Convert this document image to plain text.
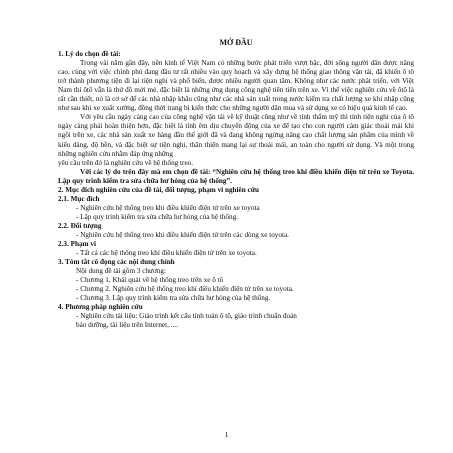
MỞ ĐẦU

1. Lý do chọn đề tài:

Trong vài năm gần đây, nền kinh tế Việt Nam có những bước phát triển vượt bậc, đời sống người dân được nâng cao, cùng với việc chính phủ đang đầu tư rất nhiều vào quy hoạch và xây dựng hệ thống giao thông vận tải, đã khiến ô tô trở thành phương tiện đi lại tiện nghi và phổ biến, được nhiều người quan tâm. Không như các nước phát triển, với Việt Nam thì ôtô vẫn là thứ đồ mới mẻ, đặc biệt là những ứng dụng công nghệ tiên tiến trên xe. Vì thế việc nghiên cứu về ôtô là rất cần thiết, nó là cơ sở để các nhà nhập khẩu cũng như các nhà sản xuất trong nước kiểm tra chất lượng xe khi nhập cũng như sau khi xe xuất xưởng, đồng thời trang bị kiến thức cho những người dân mua và sử dụng xe có hiệu quả kinh tế cao.

Với yêu cầu ngày càng cao của công nghệ vận tải về kỹ thuật cũng như về tính thẩm mỹ thì tính tiện nghi của ô tô ngày càng phải hoàn thiện hơn, đặc biệt là tính êm dịu chuyển động của xe để tạo cho con người cảm giác thoải mái khi ngồi trên xe, các nhà sản xuất xe hàng đầu thế giới đã và đang không ngừng nâng cao chất lượng sản phẩm của mình về kiểu dáng, độ bền, và đặc biệt sự tiện nghi, thân thiện mang lại sự thoải mái, an toàn cho người sử dụng. Và một trong những nghiên cứu nhằm đáp ứng những

yêu cầu trên đó là nghiên cứu về hệ thống treo.

Với các lý do trên đây mà em chọn đề tài: “Nghiên cứu hệ thống treo khi điều khiển điện tử trên xe Toyota. Lập quy trình kiểm tra sửa chữa hư hỏng của hệ thống”.

2. Mục đích nghiên cứu của đề tài, đối tượng, phạm vi nghiên cứu

2.1. Mục đích

- Nghiên cứu hệ thống treo khi điều khiển điện tử trên xe toyota

- Lập quy trình kiểm tra sửa chữa hư hỏng của hệ thống.

2.2. Đối tượng

- Nghiên cứu hệ thống treo khi điều khiển điện tử trên các dòng xe toyota.

2.3. Phạm vi

- Tất cả các hệ thống treo khí điều khiển điện tử trên xe toyota.

3. Tóm tắt cô đọng các nội dung chính

Nội dung đề tài gồm 3 chương:

- Chương 1. Khái quát về hệ thống treo trên xe ô tô

- Chương 2. Nghiên cứu hệ thống treo khí điều khiển điện tử trên xe toyota.

- Chương 3. Lập quy trình kiểm tra sửa chữa hư hỏng của hệ thống.

4. Phương pháp nghiên cứu

- Nghiên cứu tài liệu: Giáo trình kết cấu tính toán ô tô, giáo trình chuẩn đoán

bảo dưỡng, tài liệu trên Internet, ....

1
